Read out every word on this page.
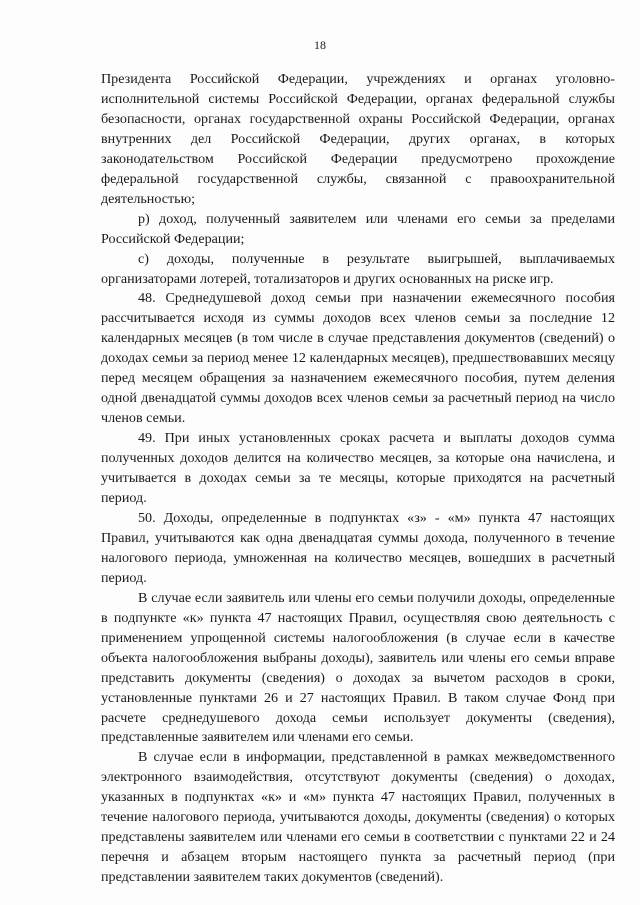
18

Президента Российской Федерации, учреждениях и органах уголовно-исполнительной системы Российской Федерации, органах федеральной службы безопасности, органах государственной охраны Российской Федерации, органах внутренних дел Российской Федерации, других органах, в которых законодательством Российской Федерации предусмотрено прохождение федеральной государственной службы, связанной с правоохранительной деятельностью;

р) доход, полученный заявителем или членами его семьи за пределами Российской Федерации;

с) доходы, полученные в результате выигрышей, выплачиваемых организаторами лотерей, тотализаторов и других основанных на риске игр.

48. Среднедушевой доход семьи при назначении ежемесячного пособия рассчитывается исходя из суммы доходов всех членов семьи за последние 12 календарных месяцев (в том числе в случае представления документов (сведений) о доходах семьи за период менее 12 календарных месяцев), предшествовавших месяцу перед месяцем обращения за назначением ежемесячного пособия, путем деления одной двенадцатой суммы доходов всех членов семьи за расчетный период на число членов семьи.

49. При иных установленных сроках расчета и выплаты доходов сумма полученных доходов делится на количество месяцев, за которые она начислена, и учитывается в доходах семьи за те месяцы, которые приходятся на расчетный период.

50. Доходы, определенные в подпунктах «з» - «м» пункта 47 настоящих Правил, учитываются как одна двенадцатая суммы дохода, полученного в течение налогового периода, умноженная на количество месяцев, вошедших в расчетный период.

В случае если заявитель или члены его семьи получили доходы, определенные в подпункте «к» пункта 47 настоящих Правил, осуществляя свою деятельность с применением упрощенной системы налогообложения (в случае если в качестве объекта налогообложения выбраны доходы), заявитель или члены его семьи вправе представить документы (сведения) о доходах за вычетом расходов в сроки, установленные пунктами 26 и 27 настоящих Правил. В таком случае Фонд при расчете среднедушевого дохода семьи использует документы (сведения), представленные заявителем или членами его семьи.

В случае если в информации, представленной в рамках межведомственного электронного взаимодействия, отсутствуют документы (сведения) о доходах, указанных в подпунктах «к» и «м» пункта 47 настоящих Правил, полученных в течение налогового периода, учитываются доходы, документы (сведения) о которых представлены заявителем или членами его семьи в соответствии с пунктами 22 и 24 перечня и абзацем вторым настоящего пункта за расчетный период (при представлении заявителем таких документов (сведений).
